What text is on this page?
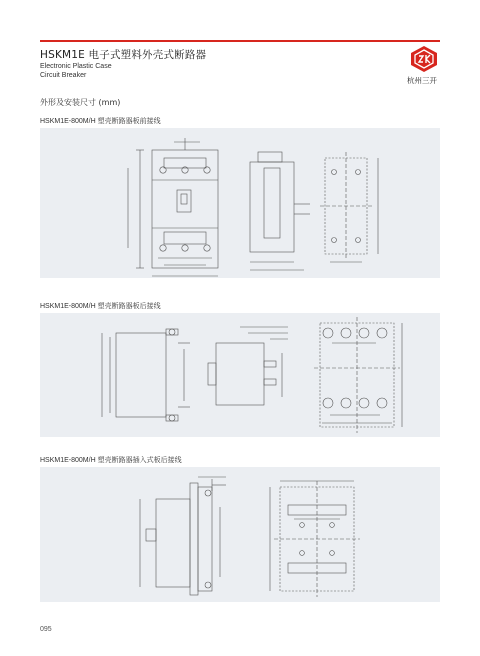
HSKM1E 电子式塑料外壳式断路器
Electronic Plastic Case
Circuit Breaker
杭州三开
外形及安装尺寸 (mm)
HSKM1E-800M/H 塑壳断路器板前接线
HSKM1E-800M/H 塑壳断路器板后接线
HSKM1E-800M/H 塑壳断路器插入式板后接线
095
